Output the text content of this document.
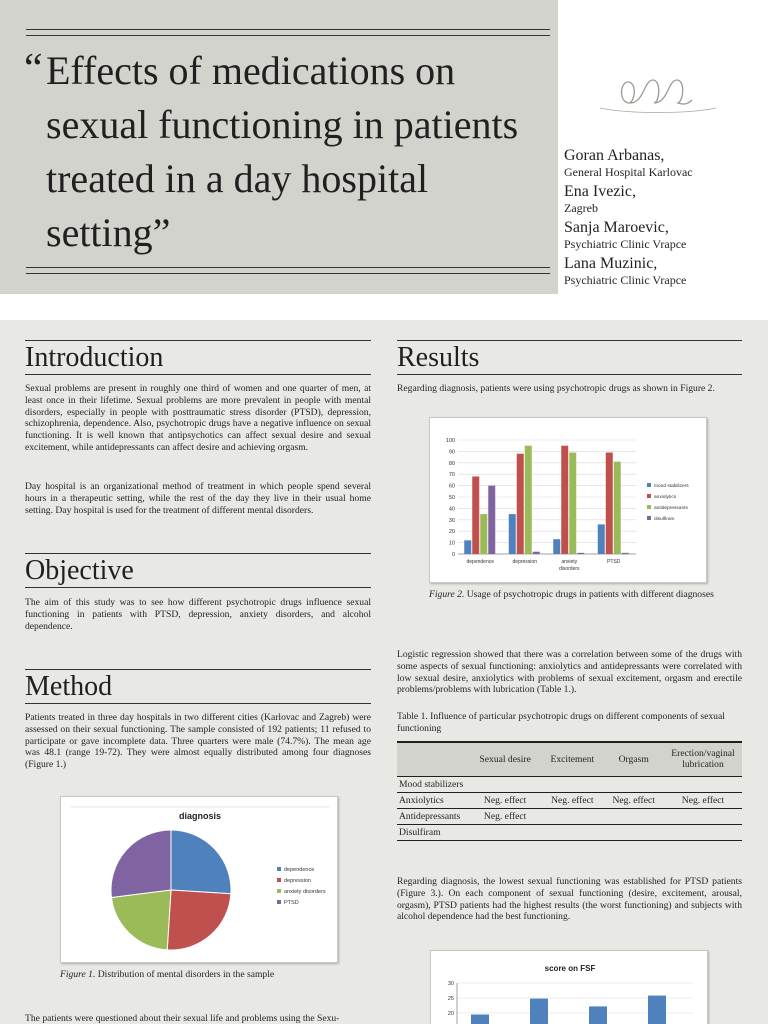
“ Effects of medications on sexual functioning in patients treated in a day hospital setting”
Goran Arbanas,
General Hospital Karlovac
Ena Ivezic,
Zagreb
Sanja Maroevic,
Psychiatric Clinic Vrapce
Lana Muzinic,
Psychiatric Clinic Vrapce
Introduction
Sexual problems are present in roughly one third of women and one quarter of men, at least once in their lifetime. Sexual problems are more prevalent in people with mental disorders, especially in people with posttraumatic stress disorder (PTSD), depression, schizophrenia, dependence. Also, psychotropic drugs have a negative influence on sexual functioning. It is well known that antipsychotics can affect sexual desire and sexual excitement, while antidepressants can affect desire and achieving orgasm.
Day hospital is an organizational method of treatment in which people spend several hours in a therapeutic setting, while the rest of the day they live in their usual home setting. Day hospital is used for the treatment of different mental disorders.
Objective
The aim of this study was to see how different psychotropic drugs influence sexual functioning in patients with PTSD, depression, anxiety disorders, and alcohol dependence.
Method
Patients treated in three day hospitals in two different cities (Karlovac and Zagreb) were assessed on their sexual functioning. The sample consisted of 192 patients; 11 refused to participate or gave incomplete data. Three quarters were male (74.7%). The mean age was 48.1 (range 19-72). They were almost equally distributed among four diagnoses (Figure 1.)
diagnosis
dependence
depression
anxiety disorders
PTSD
Figure 1. Distribution of mental disorders in the sample
The patients were questioned about their sexual life and problems using the Sexu-
Results
Regarding diagnosis, patients were using psychotropic drugs as shown in Figure 2.
0
10
20
30
40
50
60
70
80
90
100
dependence	depression	anxiety
disorders
PTSD
mood stabilizers
anxiolytics
antidepressants
disulfiram
Figure 2. Usage of psychotropic drugs in patients with different diagnoses
Logistic regression showed that there was a correlation between some of the drugs with some aspects of sexual functioning: anxiolytics and antidepressants were correlated with low sexual desire, anxiolytics with problems of sexual excitement, orgasm and erectile problems/problems with lubrication (Table 1.).
Table 1. Influence of particular psychotropic drugs on different components of sexual functioning
	Sexual desire	Excitement	Orgasm	Erection/vaginal lubrication
Mood stabilizers				
Anxiolytics	Neg. effect	Neg. effect	Neg. effect	Neg. effect
Antidepressants	Neg. effect			
Disulfiram				
Regarding diagnosis, the lowest sexual functioning was established for PTSD patients (Figure 3.). On each component of sexual functioning (desire, excitement, arousal, orgasm), PTSD patients had the highest results (the worst functioning) and subjects with alcohol dependence had the best functioning.
score on FSF
20
25
30
